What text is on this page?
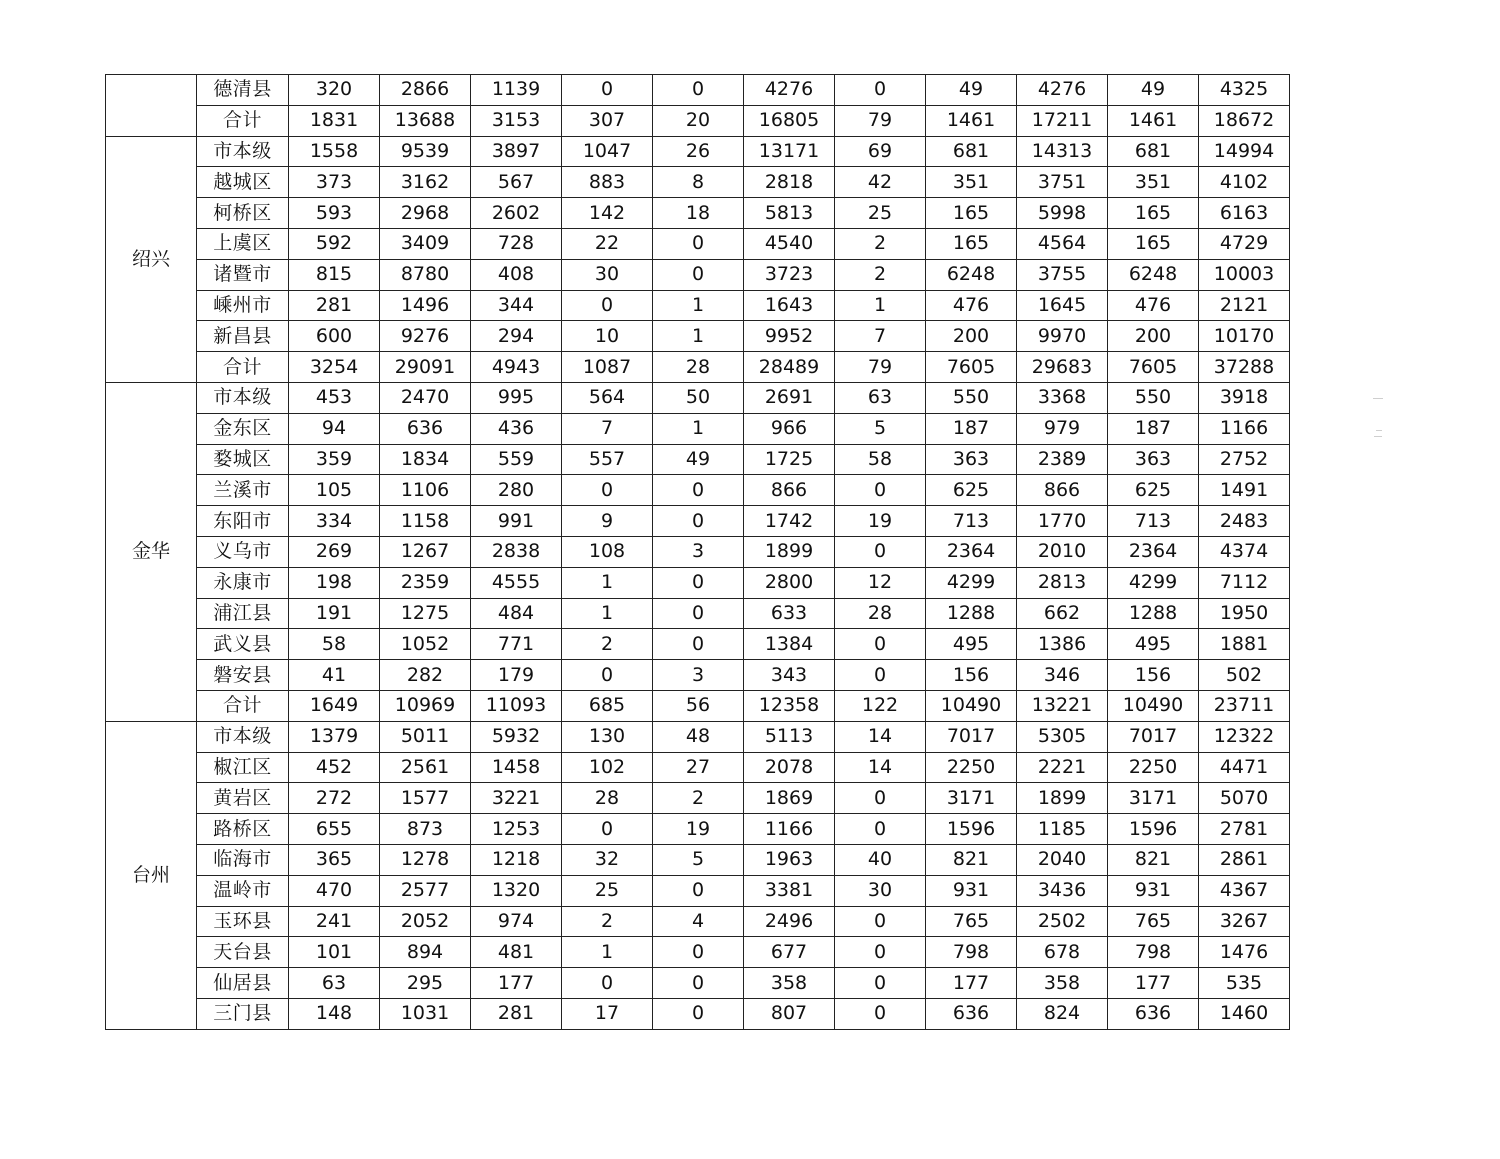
	德清县	320	2866	1139	0	0	4276	0	49	4276	49	4325
	合计	1831	13688	3153	307	20	16805	79	1461	17211	1461	18672
绍兴	市本级	1558	9539	3897	1047	26	13171	69	681	14313	681	14994
	越城区	373	3162	567	883	8	2818	42	351	3751	351	4102
	柯桥区	593	2968	2602	142	18	5813	25	165	5998	165	6163
	上虞区	592	3409	728	22	0	4540	2	165	4564	165	4729
	诸暨市	815	8780	408	30	0	3723	2	6248	3755	6248	10003
	嵊州市	281	1496	344	0	1	1643	1	476	1645	476	2121
	新昌县	600	9276	294	10	1	9952	7	200	9970	200	10170
	合计	3254	29091	4943	1087	28	28489	79	7605	29683	7605	37288
金华	市本级	453	2470	995	564	50	2691	63	550	3368	550	3918
	金东区	94	636	436	7	1	966	5	187	979	187	1166
	婺城区	359	1834	559	557	49	1725	58	363	2389	363	2752
	兰溪市	105	1106	280	0	0	866	0	625	866	625	1491
	东阳市	334	1158	991	9	0	1742	19	713	1770	713	2483
	义乌市	269	1267	2838	108	3	1899	0	2364	2010	2364	4374
	永康市	198	2359	4555	1	0	2800	12	4299	2813	4299	7112
	浦江县	191	1275	484	1	0	633	28	1288	662	1288	1950
	武义县	58	1052	771	2	0	1384	0	495	1386	495	1881
	磐安县	41	282	179	0	3	343	0	156	346	156	502
	合计	1649	10969	11093	685	56	12358	122	10490	13221	10490	23711
台州	市本级	1379	5011	5932	130	48	5113	14	7017	5305	7017	12322
	椒江区	452	2561	1458	102	27	2078	14	2250	2221	2250	4471
	黄岩区	272	1577	3221	28	2	1869	0	3171	1899	3171	5070
	路桥区	655	873	1253	0	19	1166	0	1596	1185	1596	2781
	临海市	365	1278	1218	32	5	1963	40	821	2040	821	2861
	温岭市	470	2577	1320	25	0	3381	30	931	3436	931	4367
	玉环县	241	2052	974	2	4	2496	0	765	2502	765	3267
	天台县	101	894	481	1	0	677	0	798	678	798	1476
	仙居县	63	295	177	0	0	358	0	177	358	177	535
	三门县	148	1031	281	17	0	807	0	636	824	636	1460
